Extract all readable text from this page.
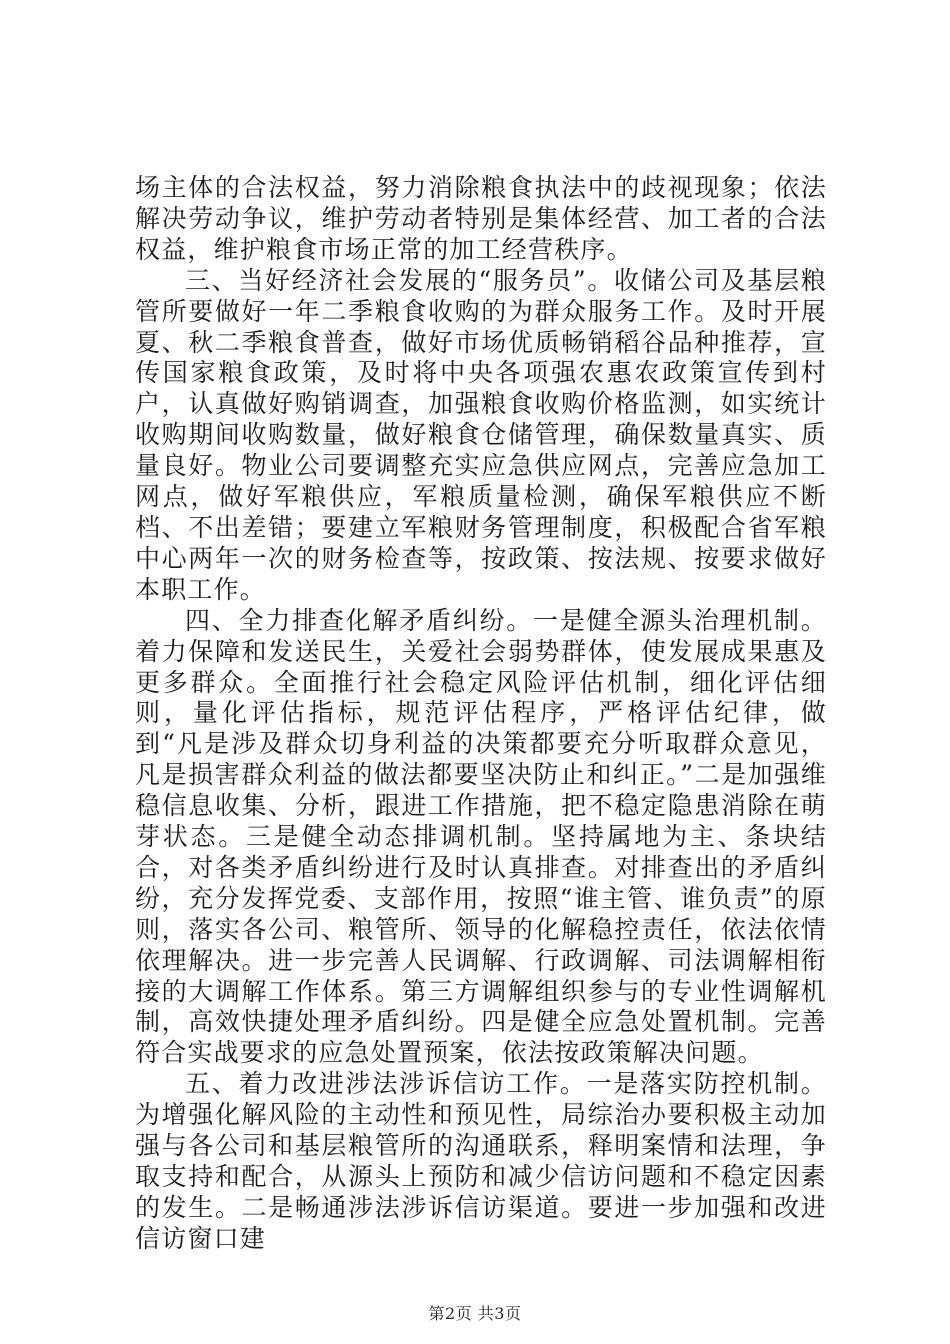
场主体的合法权益，努力消除粮食执法中的歧视现象；依法解决劳动争议，维护劳动者特别是集体经营、加工者的合法权益，维护粮食市场正常的加工经营秩序。

三、当好经济社会发展的“服务员”。收储公司及基层粮管所要做好一年二季粮食收购的为群众服务工作。及时开展夏、秋二季粮食普查，做好市场优质畅销稻谷品种推荐，宣传国家粮食政策，及时将中央各项强农惠农政策宣传到村户，认真做好购销调查，加强粮食收购价格监测，如实统计收购期间收购数量，做好粮食仓储管理，确保数量真实、质量良好。物业公司要调整充实应急供应网点，完善应急加工网点，做好军粮供应，军粮质量检测，确保军粮供应不断档、不出差错；要建立军粮财务管理制度，积极配合省军粮中心两年一次的财务检查等，按政策、按法规、按要求做好本职工作。

四、全力排查化解矛盾纠纷。一是健全源头治理机制。着力保障和发送民生，关爱社会弱势群体，使发展成果惠及更多群众。全面推行社会稳定风险评估机制，细化评估细则，量化评估指标，规范评估程序，严格评估纪律，做到“凡是涉及群众切身利益的决策都要充分听取群众意见，凡是损害群众利益的做法都要坚决防止和纠正。”二是加强维稳信息收集、分析，跟进工作措施，把不稳定隐患消除在萌芽状态。三是健全动态排调机制。坚持属地为主、条块结合，对各类矛盾纠纷进行及时认真排查。对排查出的矛盾纠纷，充分发挥党委、支部作用，按照“谁主管、谁负责”的原则，落实各公司、粮管所、领导的化解稳控责任，依法依情依理解决。进一步完善人民调解、行政调解、司法调解相衔接的大调解工作体系。第三方调解组织参与的专业性调解机制，高效快捷处理矛盾纠纷。四是健全应急处置机制。完善符合实战要求的应急处置预案，依法按政策解决问题。

五、着力改进涉法涉诉信访工作。一是落实防控机制。为增强化解风险的主动性和预见性，局综治办要积极主动加强与各公司和基层粮管所的沟通联系，释明案情和法理，争取支持和配合，从源头上预防和减少信访问题和不稳定因素的发生。二是畅通涉法涉诉信访渠道。要进一步加强和改进信访窗口建

第2页 共3页
